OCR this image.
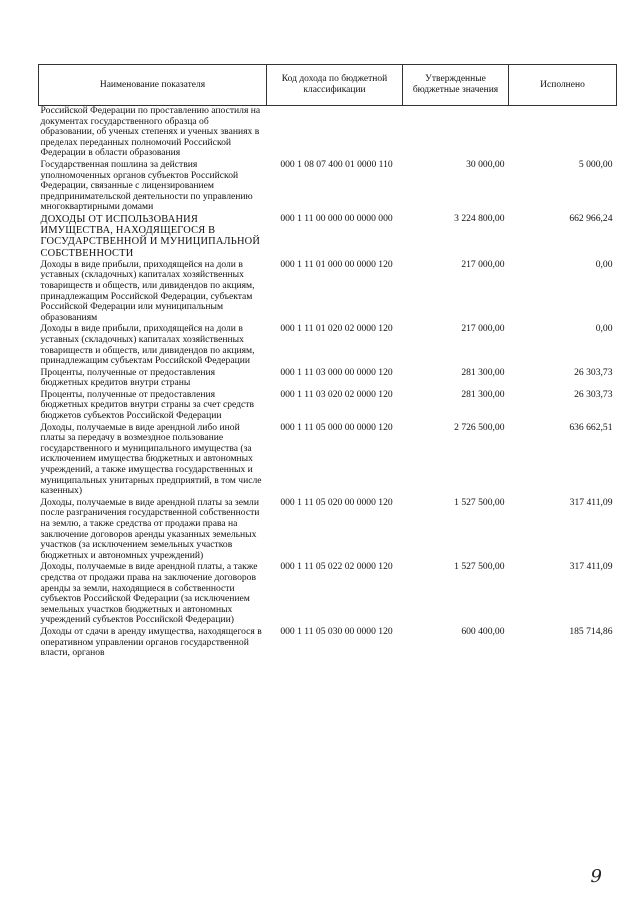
Наименование показателя	Код дохода по бюджетной классификации	Утвержденные бюджетные значения	Исполнено
Российской Федерации по проставлению апостиля на документах государственного образца об образовании, об ученых степенях и ученых званиях в пределах переданных полномочий Российской Федерации в области образования			
Государственная пошлина за действия уполномоченных органов субъектов Российской Федерации, связанные с лицензированием предпринимательской деятельности по управлению многоквартирными домами	000 1 08 07 400 01 0000 110	30 000,00	5 000,00
ДОХОДЫ ОТ ИСПОЛЬЗОВАНИЯ ИМУЩЕСТВА, НАХОДЯЩЕГОСЯ В ГОСУДАРСТВЕННОЙ И МУНИЦИПАЛЬНОЙ СОБСТВЕННОСТИ	000 1 11 00 000 00 0000 000	3 224 800,00	662 966,24
Доходы в виде прибыли, приходящейся на доли в уставных (складочных) капиталах хозяйственных товариществ и обществ, или дивидендов по акциям, принадлежащим Российской Федерации, субъектам Российской Федерации или муниципальным образованиям	000 1 11 01 000 00 0000 120	217 000,00	0,00
Доходы в виде прибыли, приходящейся на доли в уставных (складочных) капиталах хозяйственных товариществ и обществ, или дивидендов по акциям, принадлежащим субъектам Российской Федерации	000 1 11 01 020 02 0000 120	217 000,00	0,00
Проценты, полученные от предоставления бюджетных кредитов внутри страны	000 1 11 03 000 00 0000 120	281 300,00	26 303,73
Проценты, полученные от предоставления бюджетных кредитов внутри страны за счет средств бюджетов субъектов Российской Федерации	000 1 11 03 020 02 0000 120	281 300,00	26 303,73
Доходы, получаемые в виде арендной либо иной платы за передачу в возмездное пользование государственного и муниципального имущества (за исключением имущества бюджетных и автономных учреждений, а также имущества государственных и муниципальных унитарных предприятий, в том числе казенных)	000 1 11 05 000 00 0000 120	2 726 500,00	636 662,51
Доходы, получаемые в виде арендной платы за земли после разграничения государственной собственности на землю, а также средства от продажи права на заключение договоров аренды указанных земельных участков (за исключением земельных участков бюджетных и автономных учреждений)	000 1 11 05 020 00 0000 120	1 527 500,00	317 411,09
Доходы, получаемые в виде арендной платы, а также средства от продажи права на заключение договоров аренды за земли, находящиеся в собственности субъектов Российской Федерации (за исключением земельных участков бюджетных и автономных учреждений субъектов Российской Федерации)	000 1 11 05 022 02 0000 120	1 527 500,00	317 411,09
Доходы от сдачи в аренду имущества, находящегося в оперативном управлении органов государственной власти, органов	000 1 11 05 030 00 0000 120	600 400,00	185 714,86
9
